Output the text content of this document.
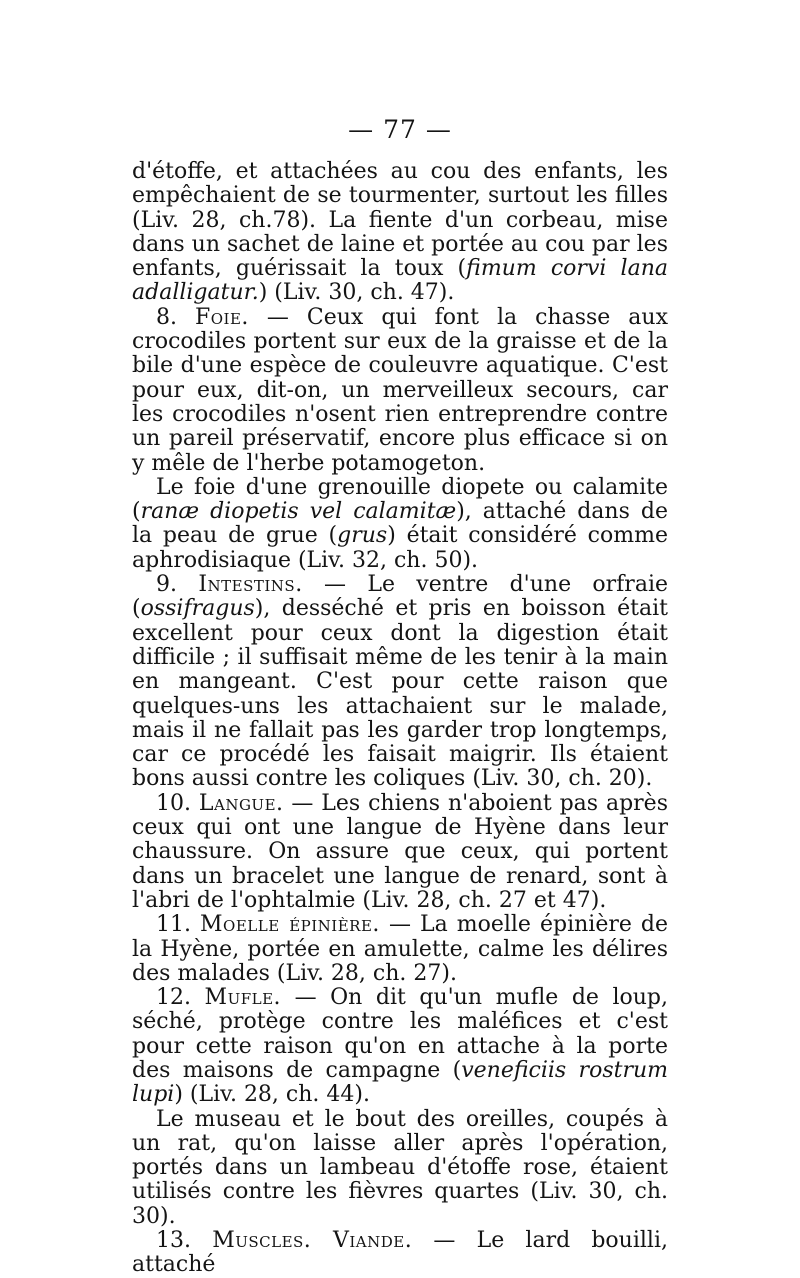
— 77 —

d'étoffe, et attachées au cou des enfants, les empêchaient de se tourmenter, surtout les filles (Liv. 28, ch.78). La fiente d'un corbeau, mise dans un sachet de laine et portée au cou par les enfants, guérissait la toux (fimum corvi lana adalligatur.) (Liv. 30, ch. 47).

8. Foie. — Ceux qui font la chasse aux crocodiles portent sur eux de la graisse et de la bile d'une espèce de couleuvre aquatique. C'est pour eux, dit-on, un merveilleux secours, car les crocodiles n'osent rien entreprendre contre un pareil préservatif, encore plus efficace si on y mêle de l'herbe potamogeton.

Le foie d'une grenouille diopete ou calamite (ranæ diopetis vel calamitæ), attaché dans de la peau de grue (grus) était considéré comme aphrodisiaque (Liv. 32, ch. 50).

9. Intestins. — Le ventre d'une orfraie (ossifragus), desséché et pris en boisson était excellent pour ceux dont la digestion était difficile ; il suffisait même de les tenir à la main en mangeant. C'est pour cette raison que quelques-uns les attachaient sur le malade, mais il ne fallait pas les garder trop longtemps, car ce procédé les faisait maigrir. Ils étaient bons aussi contre les coliques (Liv. 30, ch. 20).

10. Langue. — Les chiens n'aboient pas après ceux qui ont une langue de Hyène dans leur chaussure. On assure que ceux, qui portent dans un bracelet une langue de renard, sont à l'abri de l'ophtalmie (Liv. 28, ch. 27 et 47).

11. Moelle épinière. — La moelle épinière de la Hyène, portée en amulette, calme les délires des malades (Liv. 28, ch. 27).

12. Mufle. — On dit qu'un mufle de loup, séché, protège contre les maléfices et c'est pour cette raison qu'on en attache à la porte des maisons de campagne (veneficiis rostrum lupi) (Liv. 28, ch. 44).

Le museau et le bout des oreilles, coupés à un rat, qu'on laisse aller après l'opération, portés dans un lambeau d'étoffe rose, étaient utilisés contre les fièvres quartes (Liv. 30, ch. 30).

13. Muscles. Viande. — Le lard bouilli, attaché
